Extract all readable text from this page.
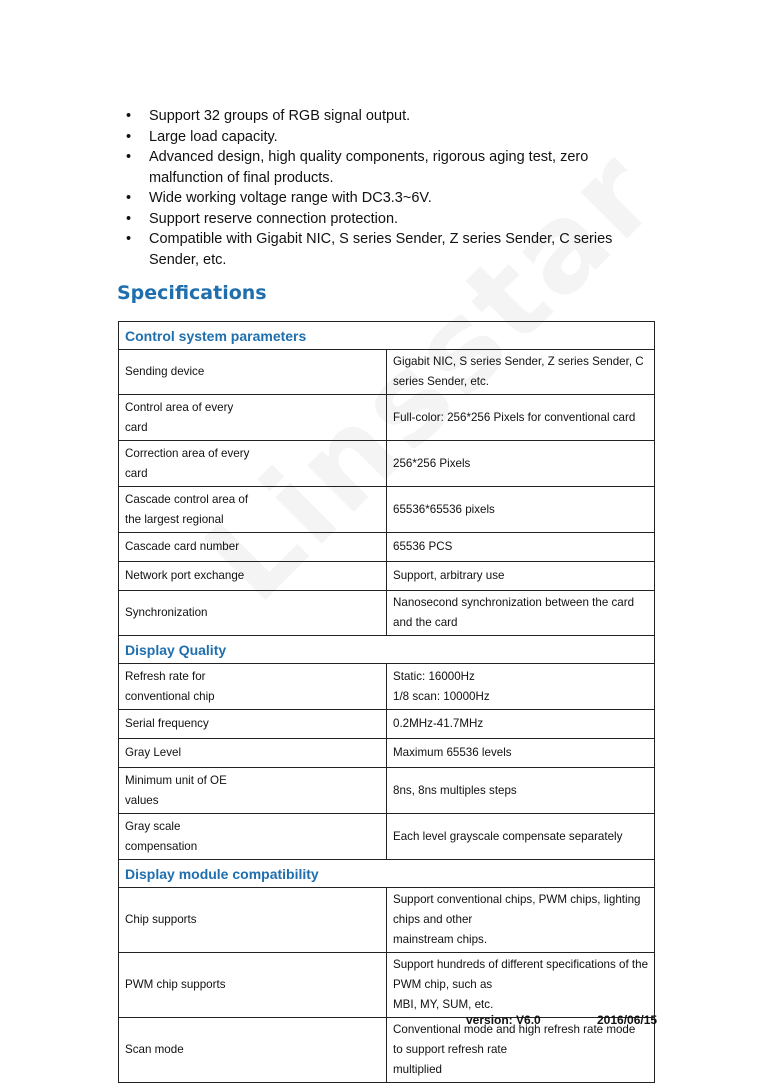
• Support 32 groups of RGB signal output.
• Large load capacity.
• Advanced design, high quality components, rigorous aging test, zero malfunction of final products.
• Wide working voltage range with DC3.3~6V.
• Support reserve connection protection.
• Compatible with Gigabit NIC, S series Sender, Z series Sender, C series Sender, etc.
Specifications
Control system parameters	

Sending device	Gigabit NIC, S series Sender, Z series Sender, C series Sender, etc.

Control area of every
card	Full-color: 256*256 Pixels for conventional card

Correction area of every
card	256*256 Pixels

Cascade control area of
the largest regional	65536*65536 pixels

Cascade card number	65536 PCS

Network port exchange	Support, arbitrary use

Synchronization	Nanosecond synchronization between the card and the card

Display Quality	

Refresh rate for
conventional chip	Static: 16000Hz
1/8 scan: 10000Hz

Serial frequency	0.2MHz-41.7MHz

Gray Level	Maximum 65536 levels

Minimum unit of OE
values	8ns, 8ns multiples steps

Gray scale
compensation	Each level grayscale compensate separately

Display module compatibility	

Chip supports	Support conventional chips, PWM chips, lighting chips and other
mainstream chips.

PWM chip supports	Support hundreds of different specifications of the PWM chip, such as
MBI, MY, SUM, etc.

Scan mode	Conventional mode and high refresh rate mode to support refresh rate
multiplied
version: V6.0	2016/06/15
